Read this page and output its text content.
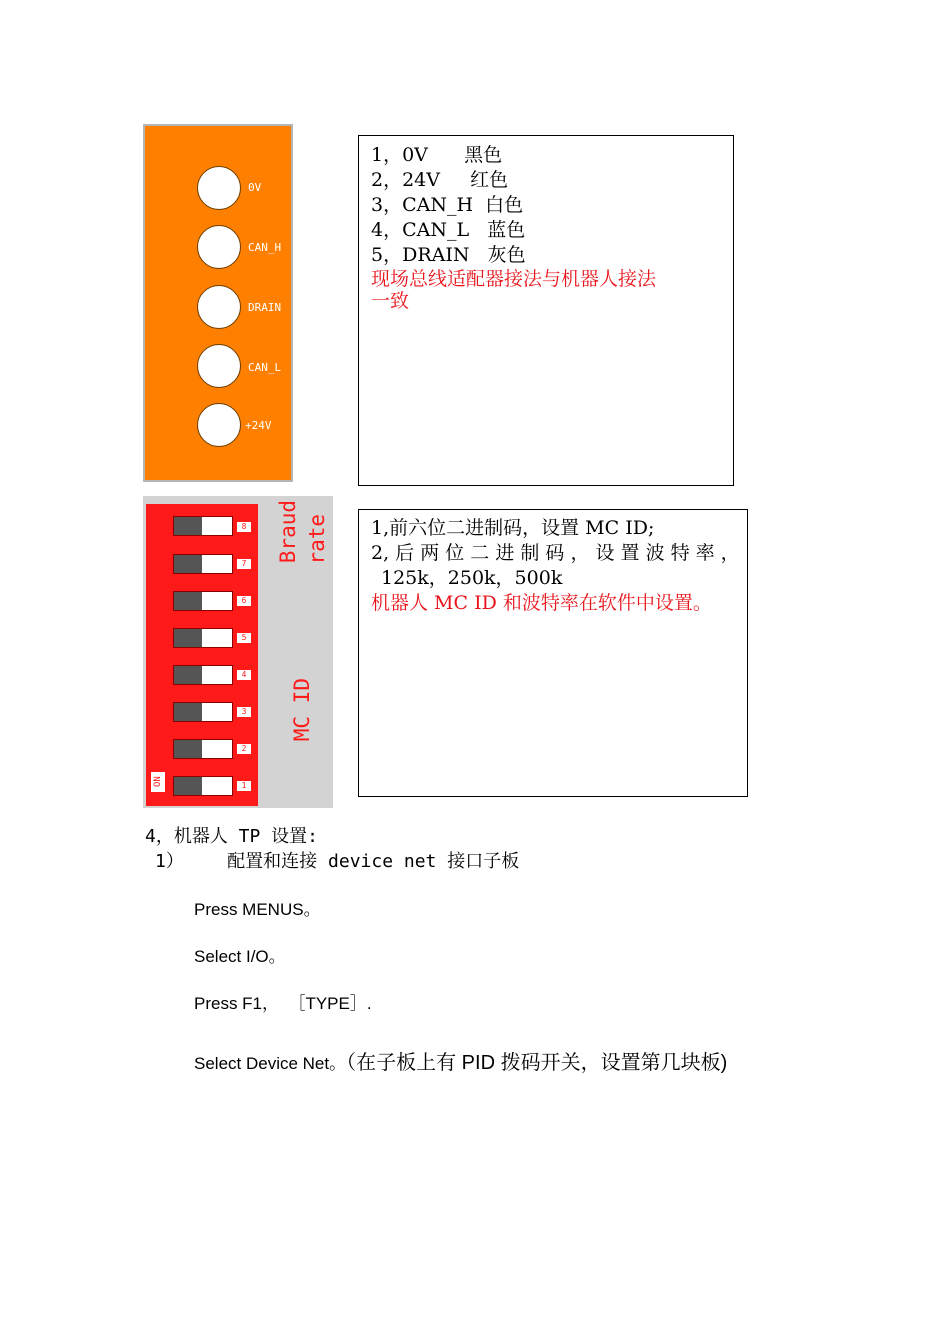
0V
CAN_H
DRAIN
CAN_L
+24V
1，0V      黑色
2，24V     红色
3，CAN_H  白色
4，CAN_L   蓝色
5，DRAIN   灰色
现场总线适配器接法与机器人接法
一致
8
7
6
5
4
3
2
1
ON
Braud rate
MC ID
1,前六位二进制码，设置 MC ID;
2, 后 两 位 二 进 制 码 ， 设 置 波 特 率 ，
125k，250k，500k
机器人 MC ID 和波特率在软件中设置。
4，机器人 TP 设置:
1）    配置和连接 device net 接口子板
Press MENUS。
Select I/O。
Press F1，  ［TYPE］.
Select Device Net。（在子板上有 PID 拨码开关，设置第几块板)
